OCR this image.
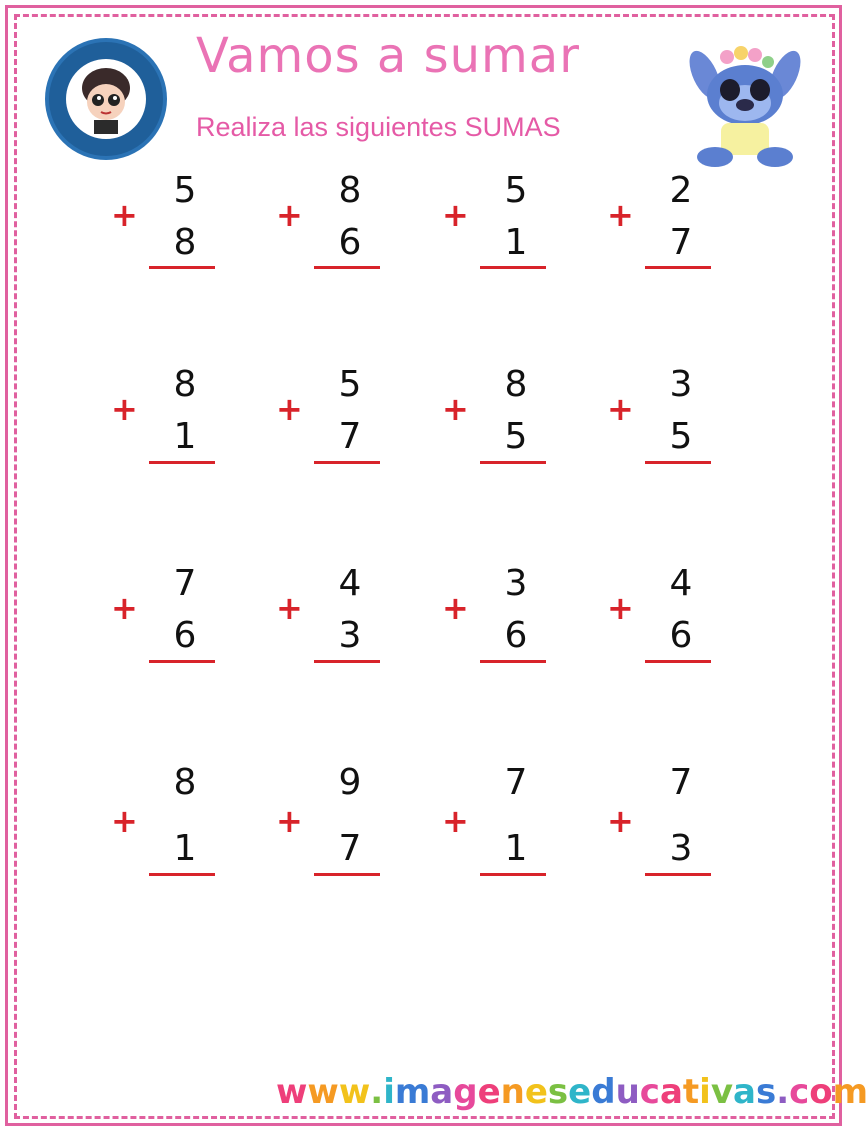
Vamos a sumar
Realiza las siguientes SUMAS
+
5
8
+
8
6
+
5
1
+
2
7
+
8
1
+
5
7
+
8
5
+
3
5
+
7
6
+
4
3
+
3
6
+
4
6
+
8
1
+
9
7
+
7
1
+
7
3
www.imageneseducativas.com
